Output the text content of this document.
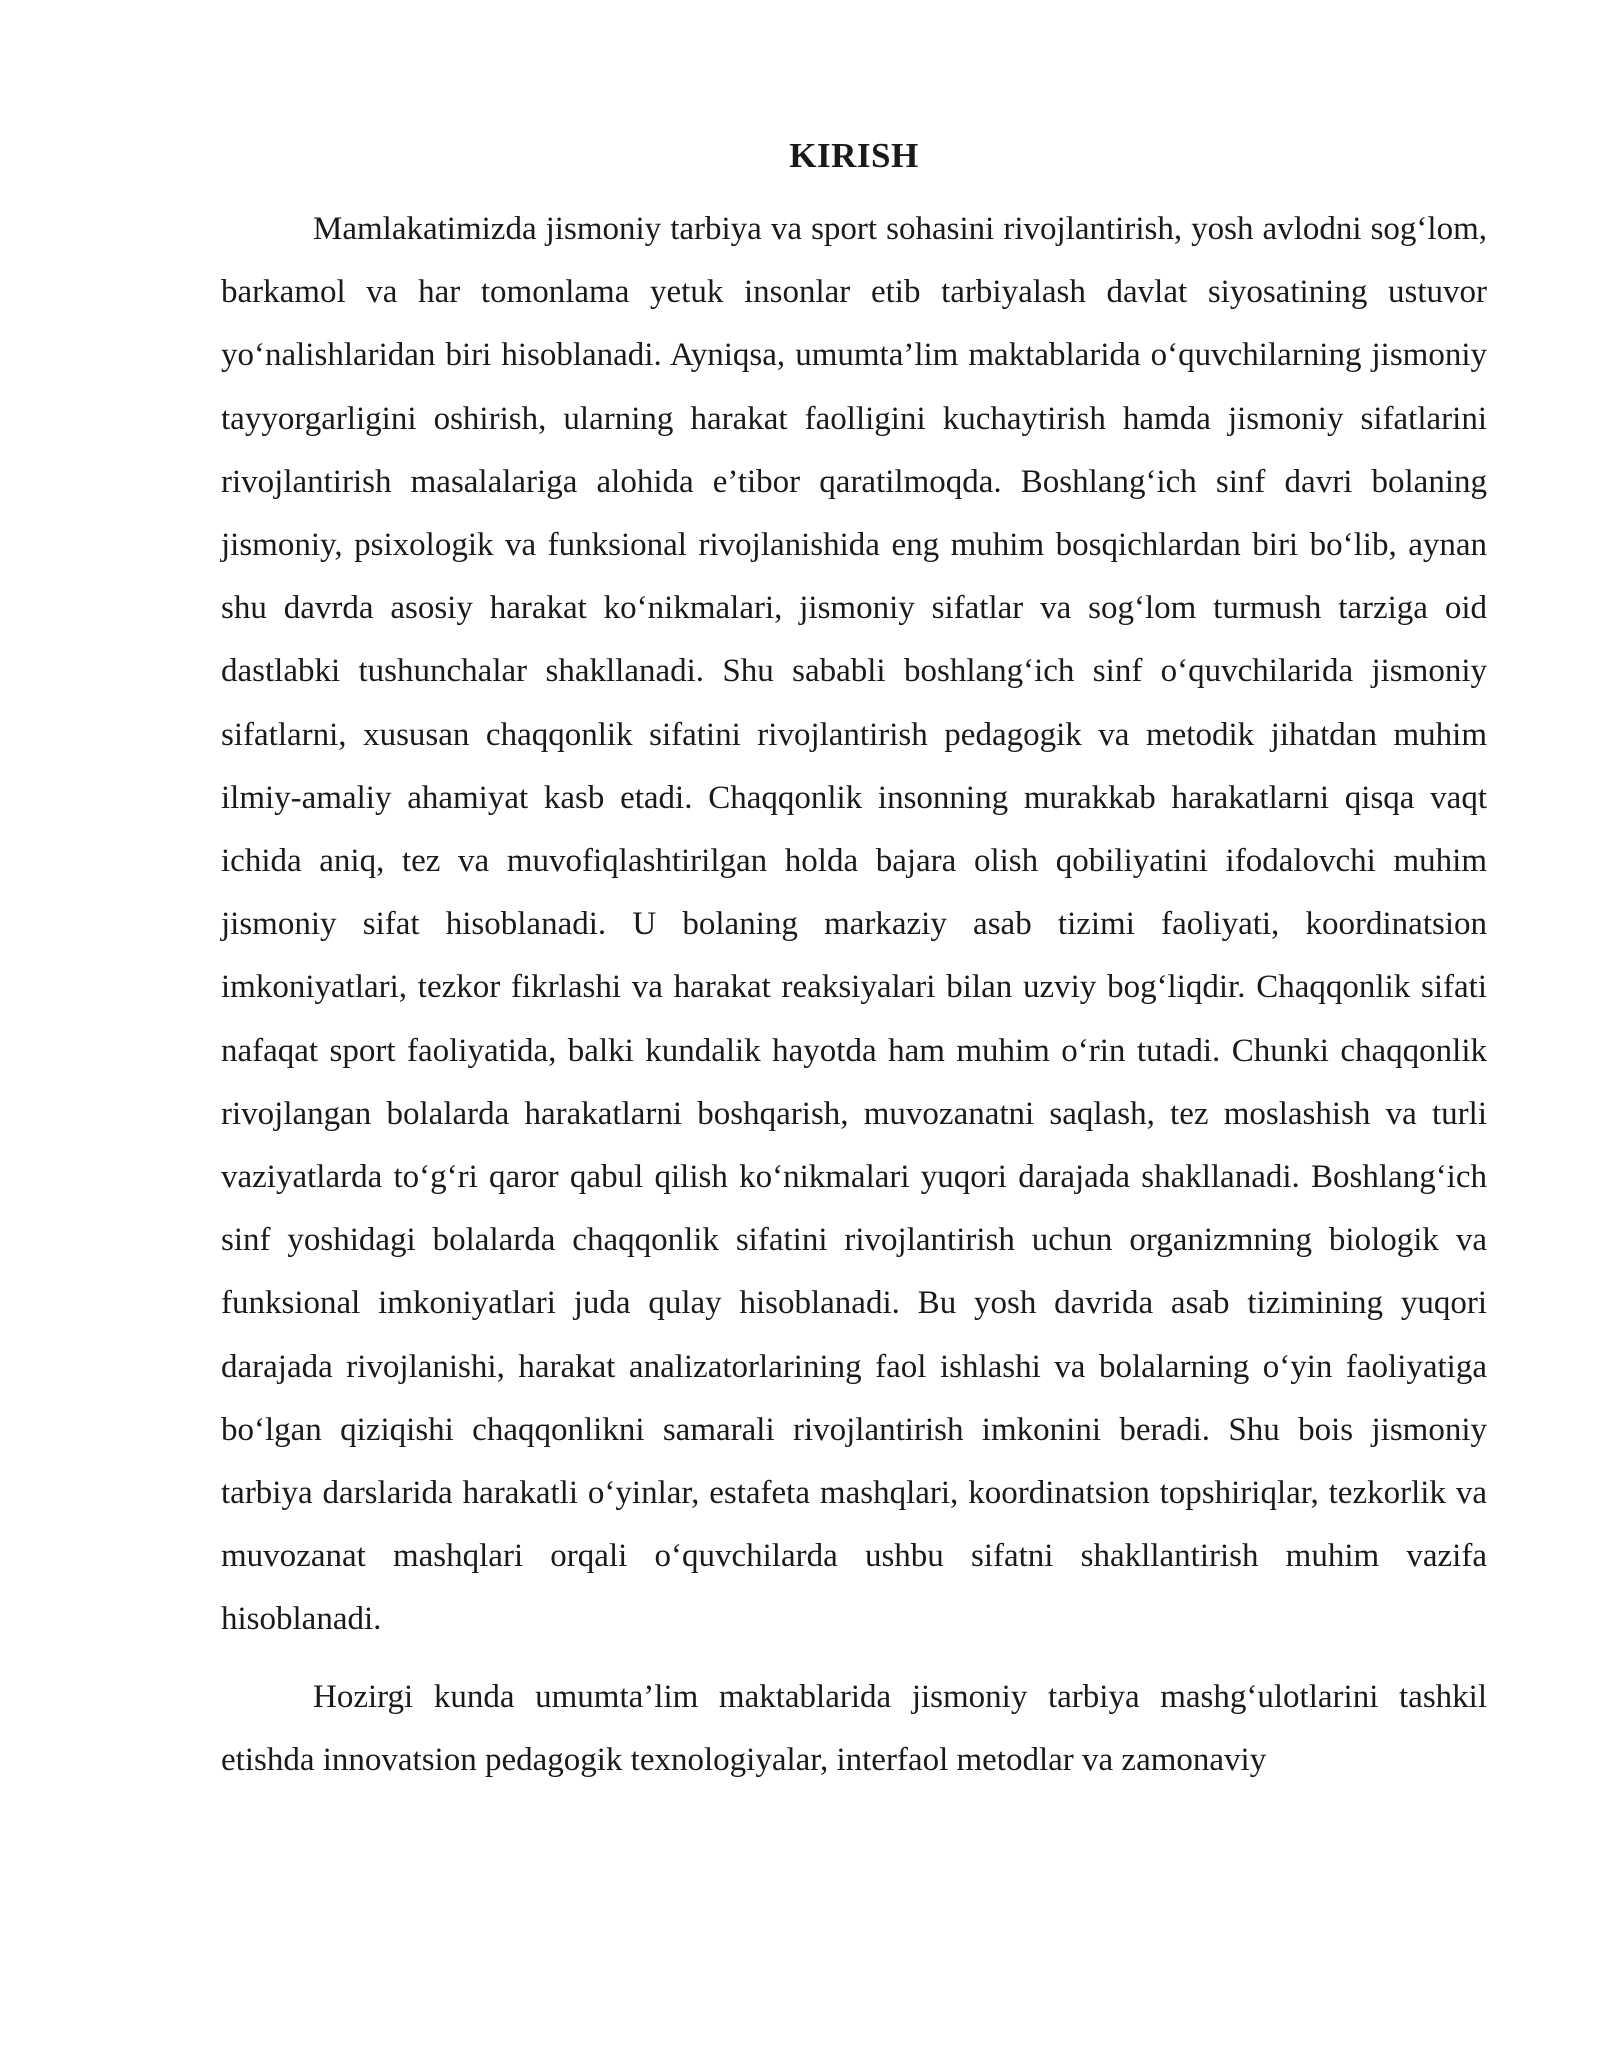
KIRISH

Mamlakatimizda jismoniy tarbiya va sport sohasini rivojlantirish, yosh avlodni sog‘lom, barkamol va har tomonlama yetuk insonlar etib tarbiyalash davlat siyosatining ustuvor yo‘nalishlaridan biri hisoblanadi. Ayniqsa, umumta’lim maktablarida o‘quvchilarning jismoniy tayyorgarligini oshirish, ularning harakat faolligini kuchaytirish hamda jismoniy sifatlarini rivojlantirish masalalariga alohida e’tibor qaratilmoqda. Boshlang‘ich sinf davri bolaning jismoniy, psixologik va funksional rivojlanishida eng muhim bosqichlardan biri bo‘lib, aynan shu davrda asosiy harakat ko‘nikmalari, jismoniy sifatlar va sog‘lom turmush tarziga oid dastlabki tushunchalar shakllanadi. Shu sababli boshlang‘ich sinf o‘quvchilarida jismoniy sifatlarni, xususan chaqqonlik sifatini rivojlantirish pedagogik va metodik jihatdan muhim ilmiy-amaliy ahamiyat kasb etadi. Chaqqonlik insonning murakkab harakatlarni qisqa vaqt ichida aniq, tez va muvofiqlashtirilgan holda bajara olish qobiliyatini ifodalovchi muhim jismoniy sifat hisoblanadi. U bolaning markaziy asab tizimi faoliyati, koordinatsion imkoniyatlari, tezkor fikrlashi va harakat reaksiyalari bilan uzviy bog‘liqdir. Chaqqonlik sifati nafaqat sport faoliyatida, balki kundalik hayotda ham muhim o‘rin tutadi. Chunki chaqqonlik rivojlangan bolalarda harakatlarni boshqarish, muvozanatni saqlash, tez moslashish va turli vaziyatlarda to‘g‘ri qaror qabul qilish ko‘nikmalari yuqori darajada shakllanadi. Boshlang‘ich sinf yoshidagi bolalarda chaqqonlik sifatini rivojlantirish uchun organizmning biologik va funksional imkoniyatlari juda qulay hisoblanadi. Bu yosh davrida asab tizimining yuqori darajada rivojlanishi, harakat analizatorlarining faol ishlashi va bolalarning o‘yin faoliyatiga bo‘lgan qiziqishi chaqqonlikni samarali rivojlantirish imkonini beradi. Shu bois jismoniy tarbiya darslarida harakatli o‘yinlar, estafeta mashqlari, koordinatsion topshiriqlar, tezkorlik va muvozanat mashqlari orqali o‘quvchilarda ushbu sifatni shakllantirish muhim vazifa hisoblanadi.

Hozirgi kunda umumta’lim maktablarida jismoniy tarbiya mashg‘ulotlarini tashkil etishda innovatsion pedagogik texnologiyalar, interfaol metodlar va zamonaviy
